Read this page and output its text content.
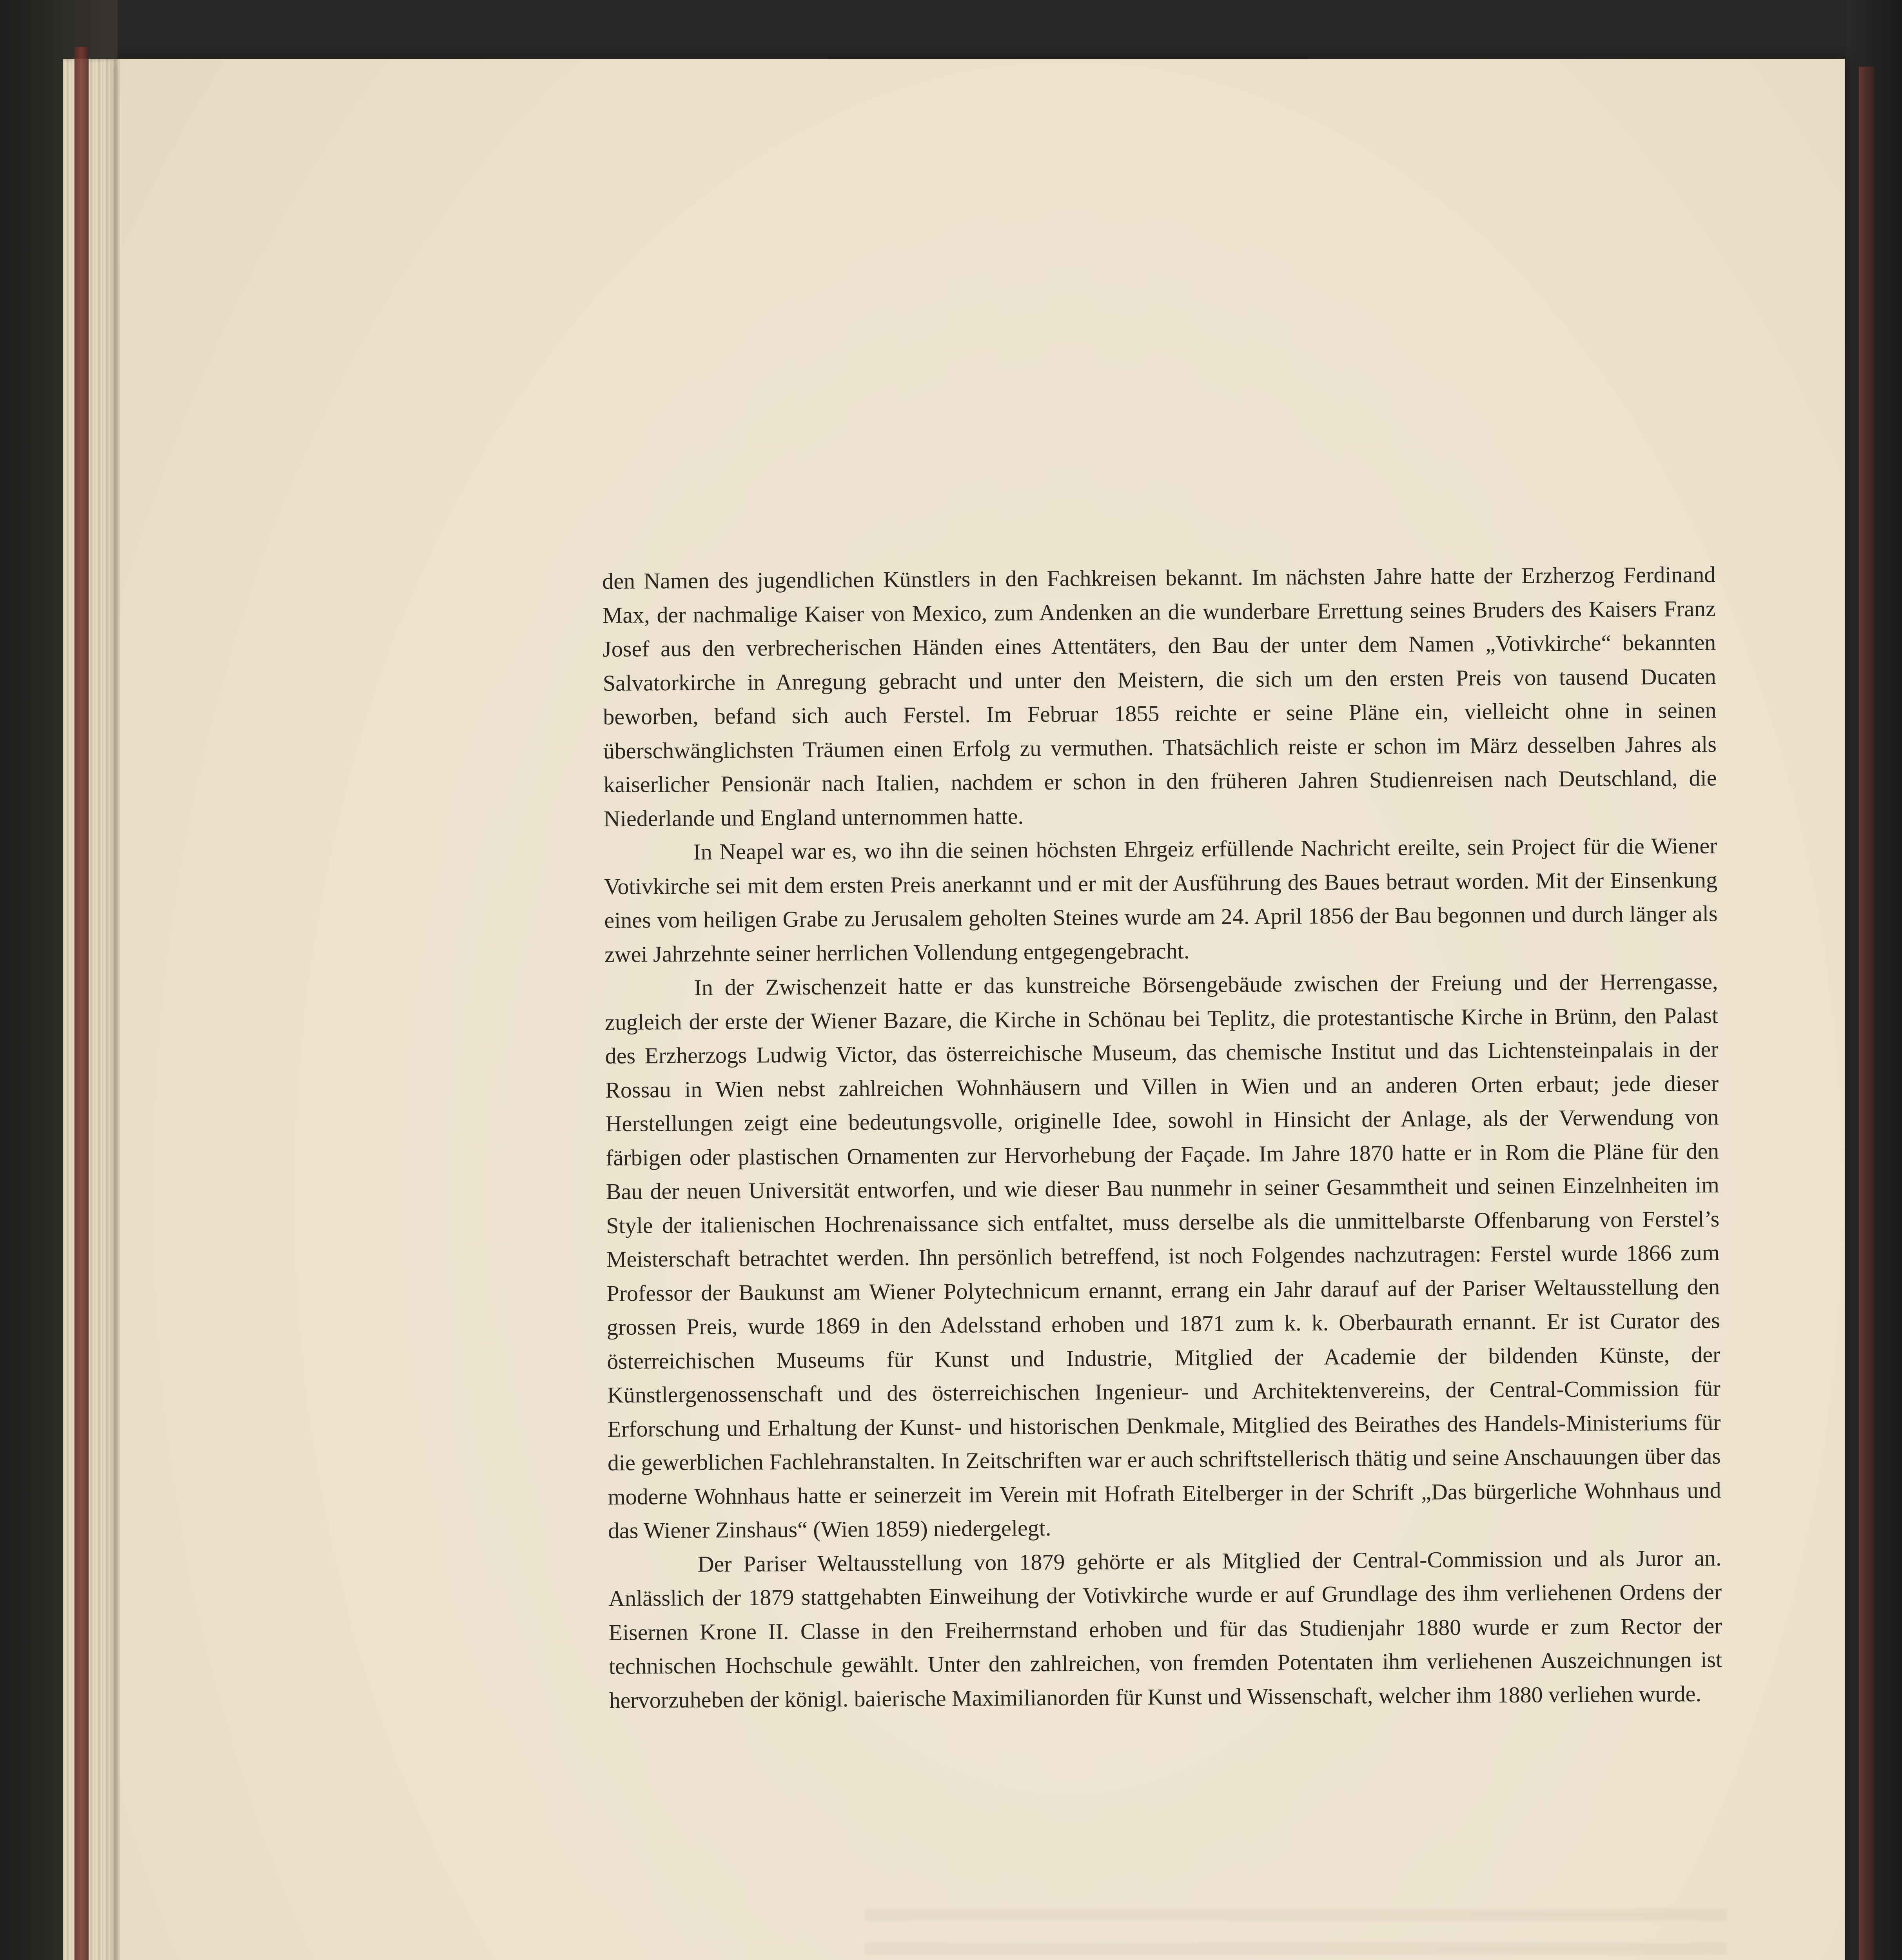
den Namen des jugendlichen Künstlers in den Fachkreisen bekannt. Im nächsten Jahre hatte der Erzherzog Ferdinand Max, der nachmalige Kaiser von Mexico, zum Andenken an die wunderbare Errettung seines Bruders des Kaisers Franz Josef aus den verbrecherischen Händen eines Attentäters, den Bau der unter dem Namen „Votivkirche“ bekannten Salvatorkirche in Anregung gebracht und unter den Meistern, die sich um den ersten Preis von tausend Ducaten beworben, befand sich auch Ferstel. Im Februar 1855 reichte er seine Pläne ein, vielleicht ohne in seinen überschwänglichsten Träumen einen Erfolg zu vermuthen. Thatsächlich reiste er schon im März desselben Jahres als kaiserlicher Pensionär nach Italien, nachdem er schon in den früheren Jahren Studienreisen nach Deutschland, die Niederlande und England unternommen hatte.

In Neapel war es, wo ihn die seinen höchsten Ehrgeiz erfüllende Nachricht ereilte, sein Project für die Wiener Votivkirche sei mit dem ersten Preis anerkannt und er mit der Ausführung des Baues betraut worden. Mit der Einsenkung eines vom heiligen Grabe zu Jerusalem geholten Steines wurde am 24. April 1856 der Bau begonnen und durch länger als zwei Jahrzehnte seiner herrlichen Vollendung entgegengebracht.

In der Zwischenzeit hatte er das kunstreiche Börsengebäude zwischen der Freiung und der Herrengasse, zugleich der erste der Wiener Bazare, die Kirche in Schönau bei Teplitz, die protestantische Kirche in Brünn, den Palast des Erzherzogs Ludwig Victor, das österreichische Museum, das chemische Institut und das Lichtensteinpalais in der Rossau in Wien nebst zahlreichen Wohnhäusern und Villen in Wien und an anderen Orten erbaut; jede dieser Herstellungen zeigt eine bedeutungsvolle, originelle Idee, sowohl in Hinsicht der Anlage, als der Verwendung von färbigen oder plastischen Ornamenten zur Hervorhebung der Façade. Im Jahre 1870 hatte er in Rom die Pläne für den Bau der neuen Universität entworfen, und wie dieser Bau nunmehr in seiner Gesammtheit und seinen Einzelnheiten im Style der italienischen Hochrenaissance sich entfaltet, muss derselbe als die unmittelbarste Offenbarung von Ferstel’s Meisterschaft betrachtet werden. Ihn persönlich betreffend, ist noch Folgendes nachzutragen: Ferstel wurde 1866 zum Professor der Baukunst am Wiener Polytechnicum ernannt, errang ein Jahr darauf auf der Pariser Weltausstellung den grossen Preis, wurde 1869 in den Adelsstand erhoben und 1871 zum k. k. Oberbaurath ernannt. Er ist Curator des österreichischen Museums für Kunst und Industrie, Mitglied der Academie der bildenden Künste, der Künstlergenossenschaft und des österreichischen Ingenieur- und Architektenvereins, der Central-Commission für Erforschung und Erhaltung der Kunst- und historischen Denkmale, Mitglied des Beirathes des Handels-Ministeriums für die gewerblichen Fachlehranstalten. In Zeitschriften war er auch schriftstellerisch thätig und seine Anschauungen über das moderne Wohnhaus hatte er seinerzeit im Verein mit Hofrath Eitelberger in der Schrift „Das bürgerliche Wohnhaus und das Wiener Zinshaus“ (Wien 1859) niedergelegt.

Der Pariser Weltausstellung von 1879 gehörte er als Mitglied der Central-Commission und als Juror an. Anlässlich der 1879 stattgehabten Einweihung der Votivkirche wurde er auf Grundlage des ihm verliehenen Ordens der Eisernen Krone II. Classe in den Freiherrnstand erhoben und für das Studienjahr 1880 wurde er zum Rector der technischen Hochschule gewählt. Unter den zahlreichen, von fremden Potentaten ihm verliehenen Auszeichnungen ist hervorzuheben der königl. baierische Maximilianorden für Kunst und Wissenschaft, welcher ihm 1880 verliehen wurde.
